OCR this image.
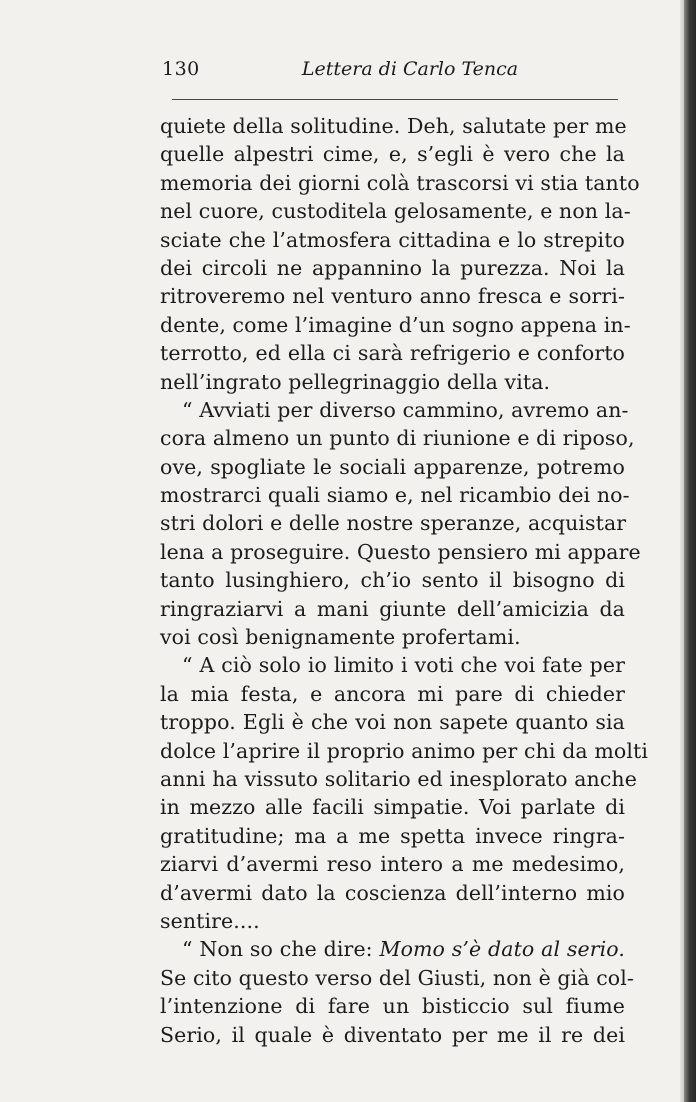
130	Lettera di Carlo Tenca
quiete della solitudine. Deh, salutate per me
quelle alpestri cime, e, s’egli è vero che la
memoria dei giorni colà trascorsi vi stia tanto
nel cuore, custoditela gelosamente, e non la-
sciate che l’atmosfera cittadina e lo strepito
dei circoli ne appannino la purezza. Noi la
ritroveremo nel venturo anno fresca e sorri-
dente, come l’imagine d’un sogno appena in-
terrotto, ed ella ci sarà refrigerio e conforto
nell’ingrato pellegrinaggio della vita.
“ Avviati per diverso cammino, avremo an-
cora almeno un punto di riunione e di riposo,
ove, spogliate le sociali apparenze, potremo
mostrarci quali siamo e, nel ricambio dei no-
stri dolori e delle nostre speranze, acquistar
lena a proseguire. Questo pensiero mi appare
tanto lusinghiero, ch’io sento il bisogno di
ringraziarvi a mani giunte dell’amicizia da
voi così benignamente profertami.
“ A ciò solo io limito i voti che voi fate per
la mia festa, e ancora mi pare di chieder
troppo. Egli è che voi non sapete quanto sia
dolce l’aprire il proprio animo per chi da molti
anni ha vissuto solitario ed inesplorato anche
in mezzo alle facili simpatie. Voi parlate di
gratitudine; ma a me spetta invece ringra-
ziarvi d’avermi reso intero a me medesimo,
d’avermi dato la coscienza dell’interno mio
sentire....
“ Non so che dire: Momo s’è dato al serio.
Se cito questo verso del Giusti, non è già col-
l’intenzione di fare un bisticcio sul fiume
Serio, il quale è diventato per me il re dei
